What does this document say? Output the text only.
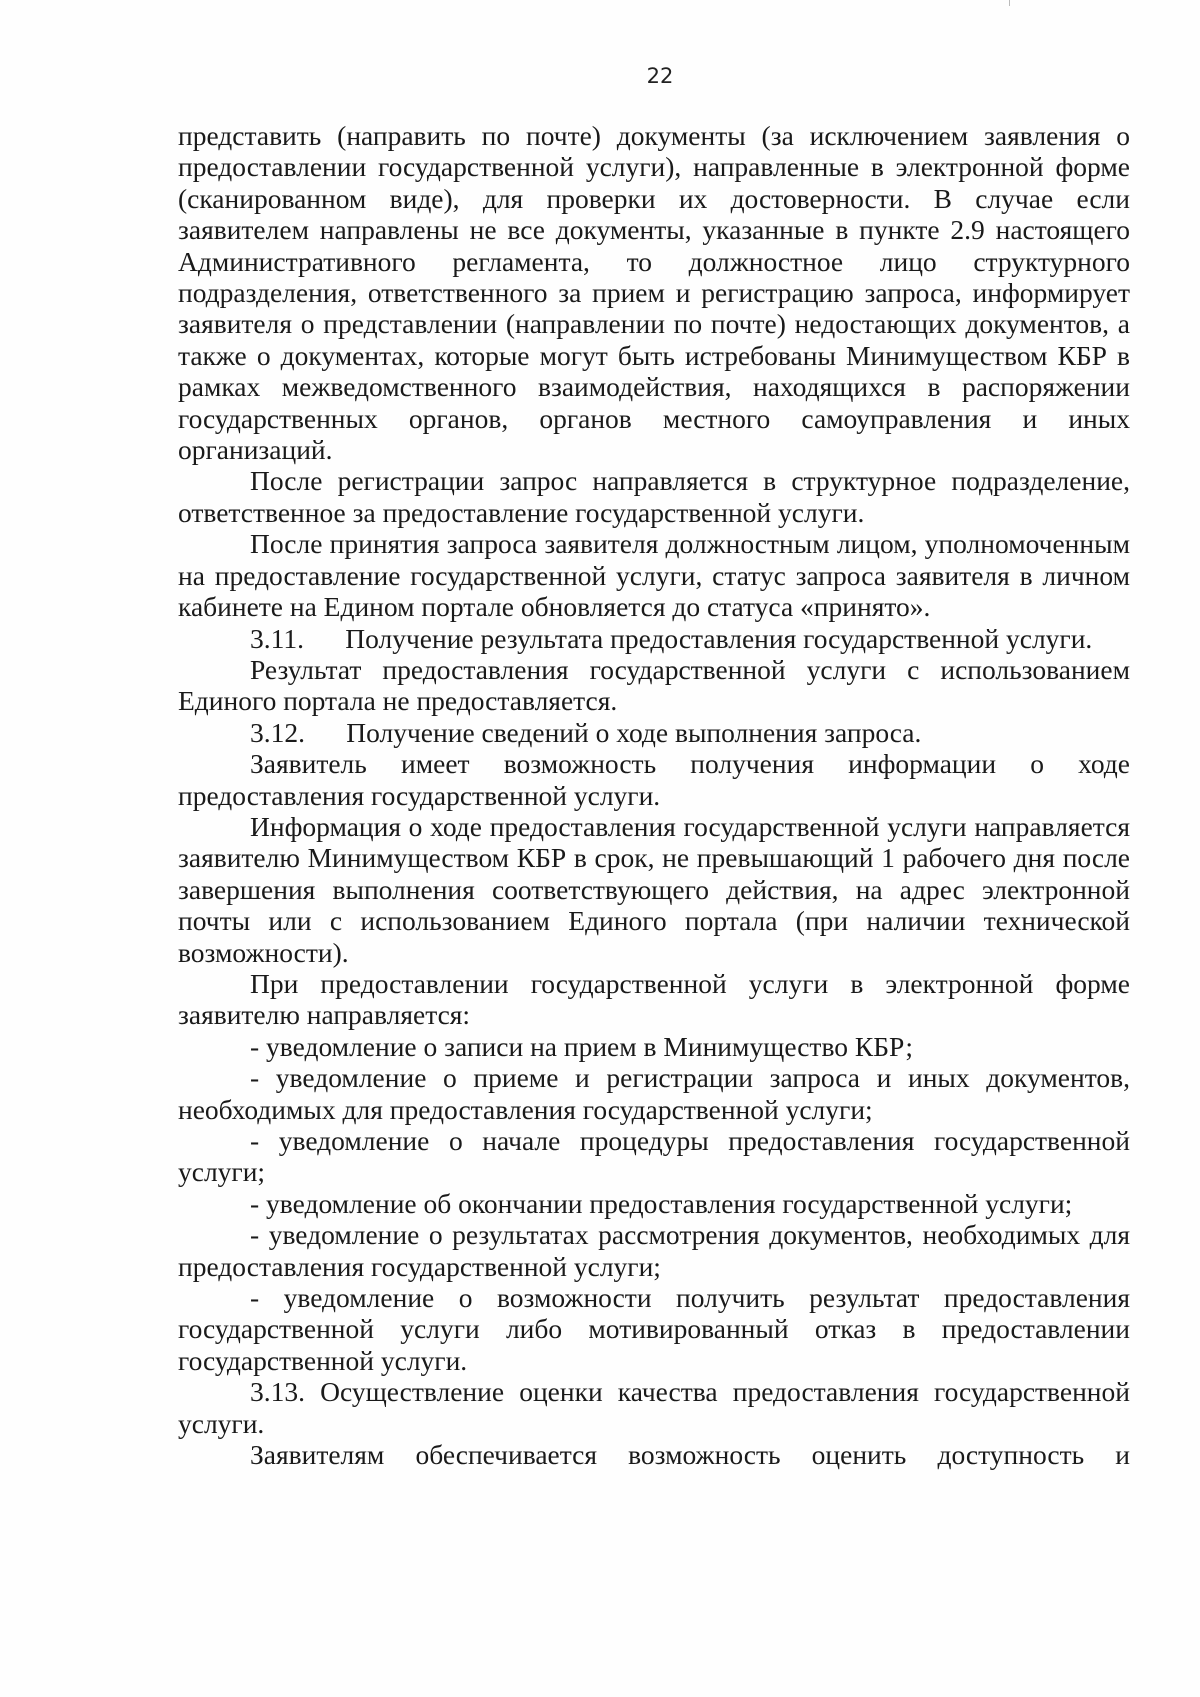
22

представить (направить по почте) документы (за исключением заявления о предоставлении государственной услуги), направленные в электронной форме (сканированном виде), для проверки их достоверности. В случае если заявителем направлены не все документы, указанные в пункте 2.9 настоящего Административного регламента, то должностное лицо структурного подразделения, ответственного за прием и регистрацию запроса, информирует заявителя о представлении (направлении по почте) недостающих документов, а также о документах, которые могут быть истребованы Минимуществом КБР в рамках межведомственного взаимодействия, находящихся в распоряжении государственных органов, органов местного самоуправления и иных организаций.

После регистрации запрос направляется в структурное подразделение, ответственное за предоставление государственной услуги.

После принятия запроса заявителя должностным лицом, уполномоченным на предоставление государственной услуги, статус запроса заявителя в личном кабинете на Едином портале обновляется до статуса «принято».

3.11.      Получение результата предоставления государственной услуги.

Результат предоставления государственной услуги с использованием Единого портала не предоставляется.

3.12.      Получение сведений о ходе выполнения запроса.

Заявитель имеет возможность получения информации о ходе предоставления государственной услуги.

Информация о ходе предоставления государственной услуги направляется заявителю Минимуществом КБР в срок, не превышающий 1 рабочего дня после завершения выполнения соответствующего действия, на адрес электронной почты или с использованием Единого портала (при наличии технической возможности).

При предоставлении государственной услуги в электронной форме заявителю направляется:

- уведомление о записи на прием в Минимущество КБР;

- уведомление о приеме и регистрации запроса и иных документов, необходимых для предоставления государственной услуги;

- уведомление о начале процедуры предоставления государственной услуги;

- уведомление об окончании предоставления государственной услуги;

- уведомление о результатах рассмотрения документов, необходимых для предоставления государственной услуги;

- уведомление о возможности получить результат предоставления государственной услуги либо мотивированный отказ в предоставлении государственной услуги.

3.13. Осуществление оценки качества предоставления государственной услуги.

Заявителям обеспечивается возможность оценить доступность и
